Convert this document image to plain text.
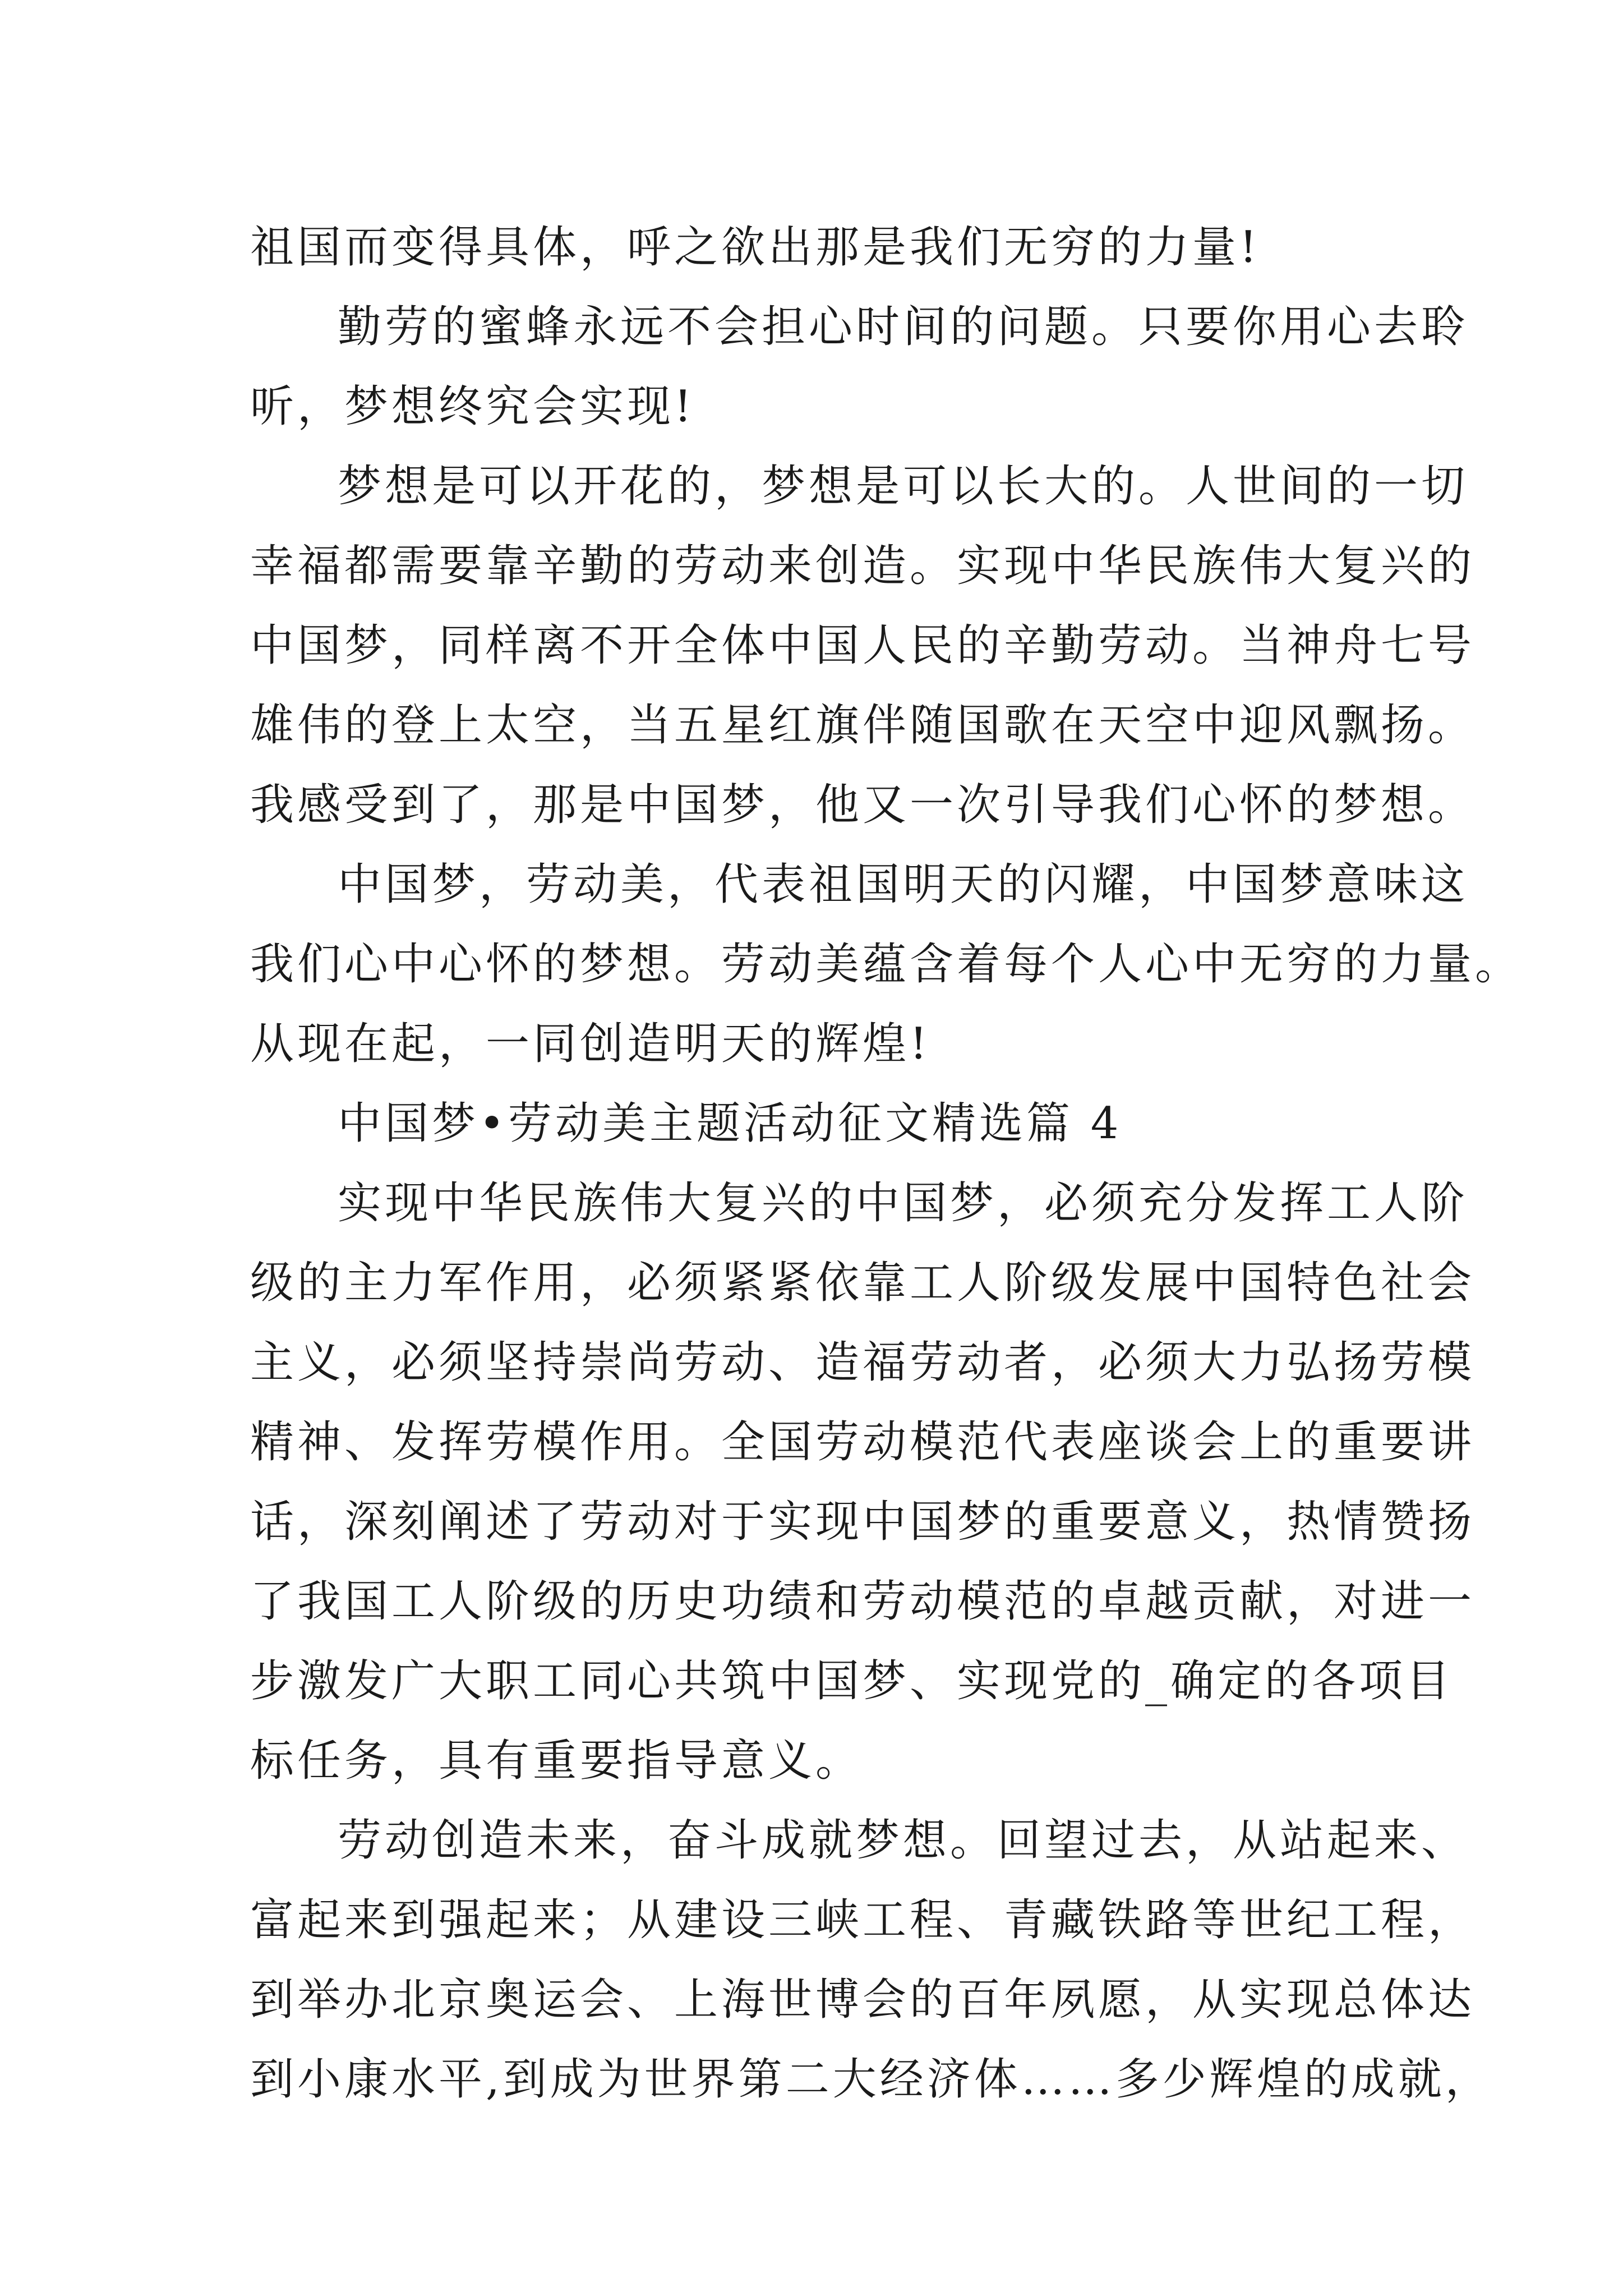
祖国而变得具体，呼之欲出那是我们无穷的力量!
勤劳的蜜蜂永远不会担心时间的问题。只要你用心去聆
听，梦想终究会实现!
梦想是可以开花的，梦想是可以长大的。人世间的一切
幸福都需要靠辛勤的劳动来创造。实现中华民族伟大复兴的
中国梦，同样离不开全体中国人民的辛勤劳动。当神舟七号
雄伟的登上太空，当五星红旗伴随国歌在天空中迎风飘扬。
我感受到了，那是中国梦，他又一次引导我们心怀的梦想。
中国梦，劳动美，代表祖国明天的闪耀，中国梦意味这
我们心中心怀的梦想。劳动美蕴含着每个人心中无穷的力量。
从现在起，一同创造明天的辉煌!
中国梦•劳动美主题活动征文精选篇 4
实现中华民族伟大复兴的中国梦，必须充分发挥工人阶
级的主力军作用，必须紧紧依靠工人阶级发展中国特色社会
主义，必须坚持崇尚劳动、造福劳动者，必须大力弘扬劳模
精神、发挥劳模作用。全国劳动模范代表座谈会上的重要讲
话，深刻阐述了劳动对于实现中国梦的重要意义，热情赞扬
了我国工人阶级的历史功绩和劳动模范的卓越贡献，对进一
步激发广大职工同心共筑中国梦、实现党的_确定的各项目
标任务，具有重要指导意义。
劳动创造未来，奋斗成就梦想。回望过去，从站起来、
富起来到强起来；从建设三峡工程、青藏铁路等世纪工程，
到举办北京奥运会、上海世博会的百年夙愿，从实现总体达
到小康水平,到成为世界第二大经济体……多少辉煌的成就，
